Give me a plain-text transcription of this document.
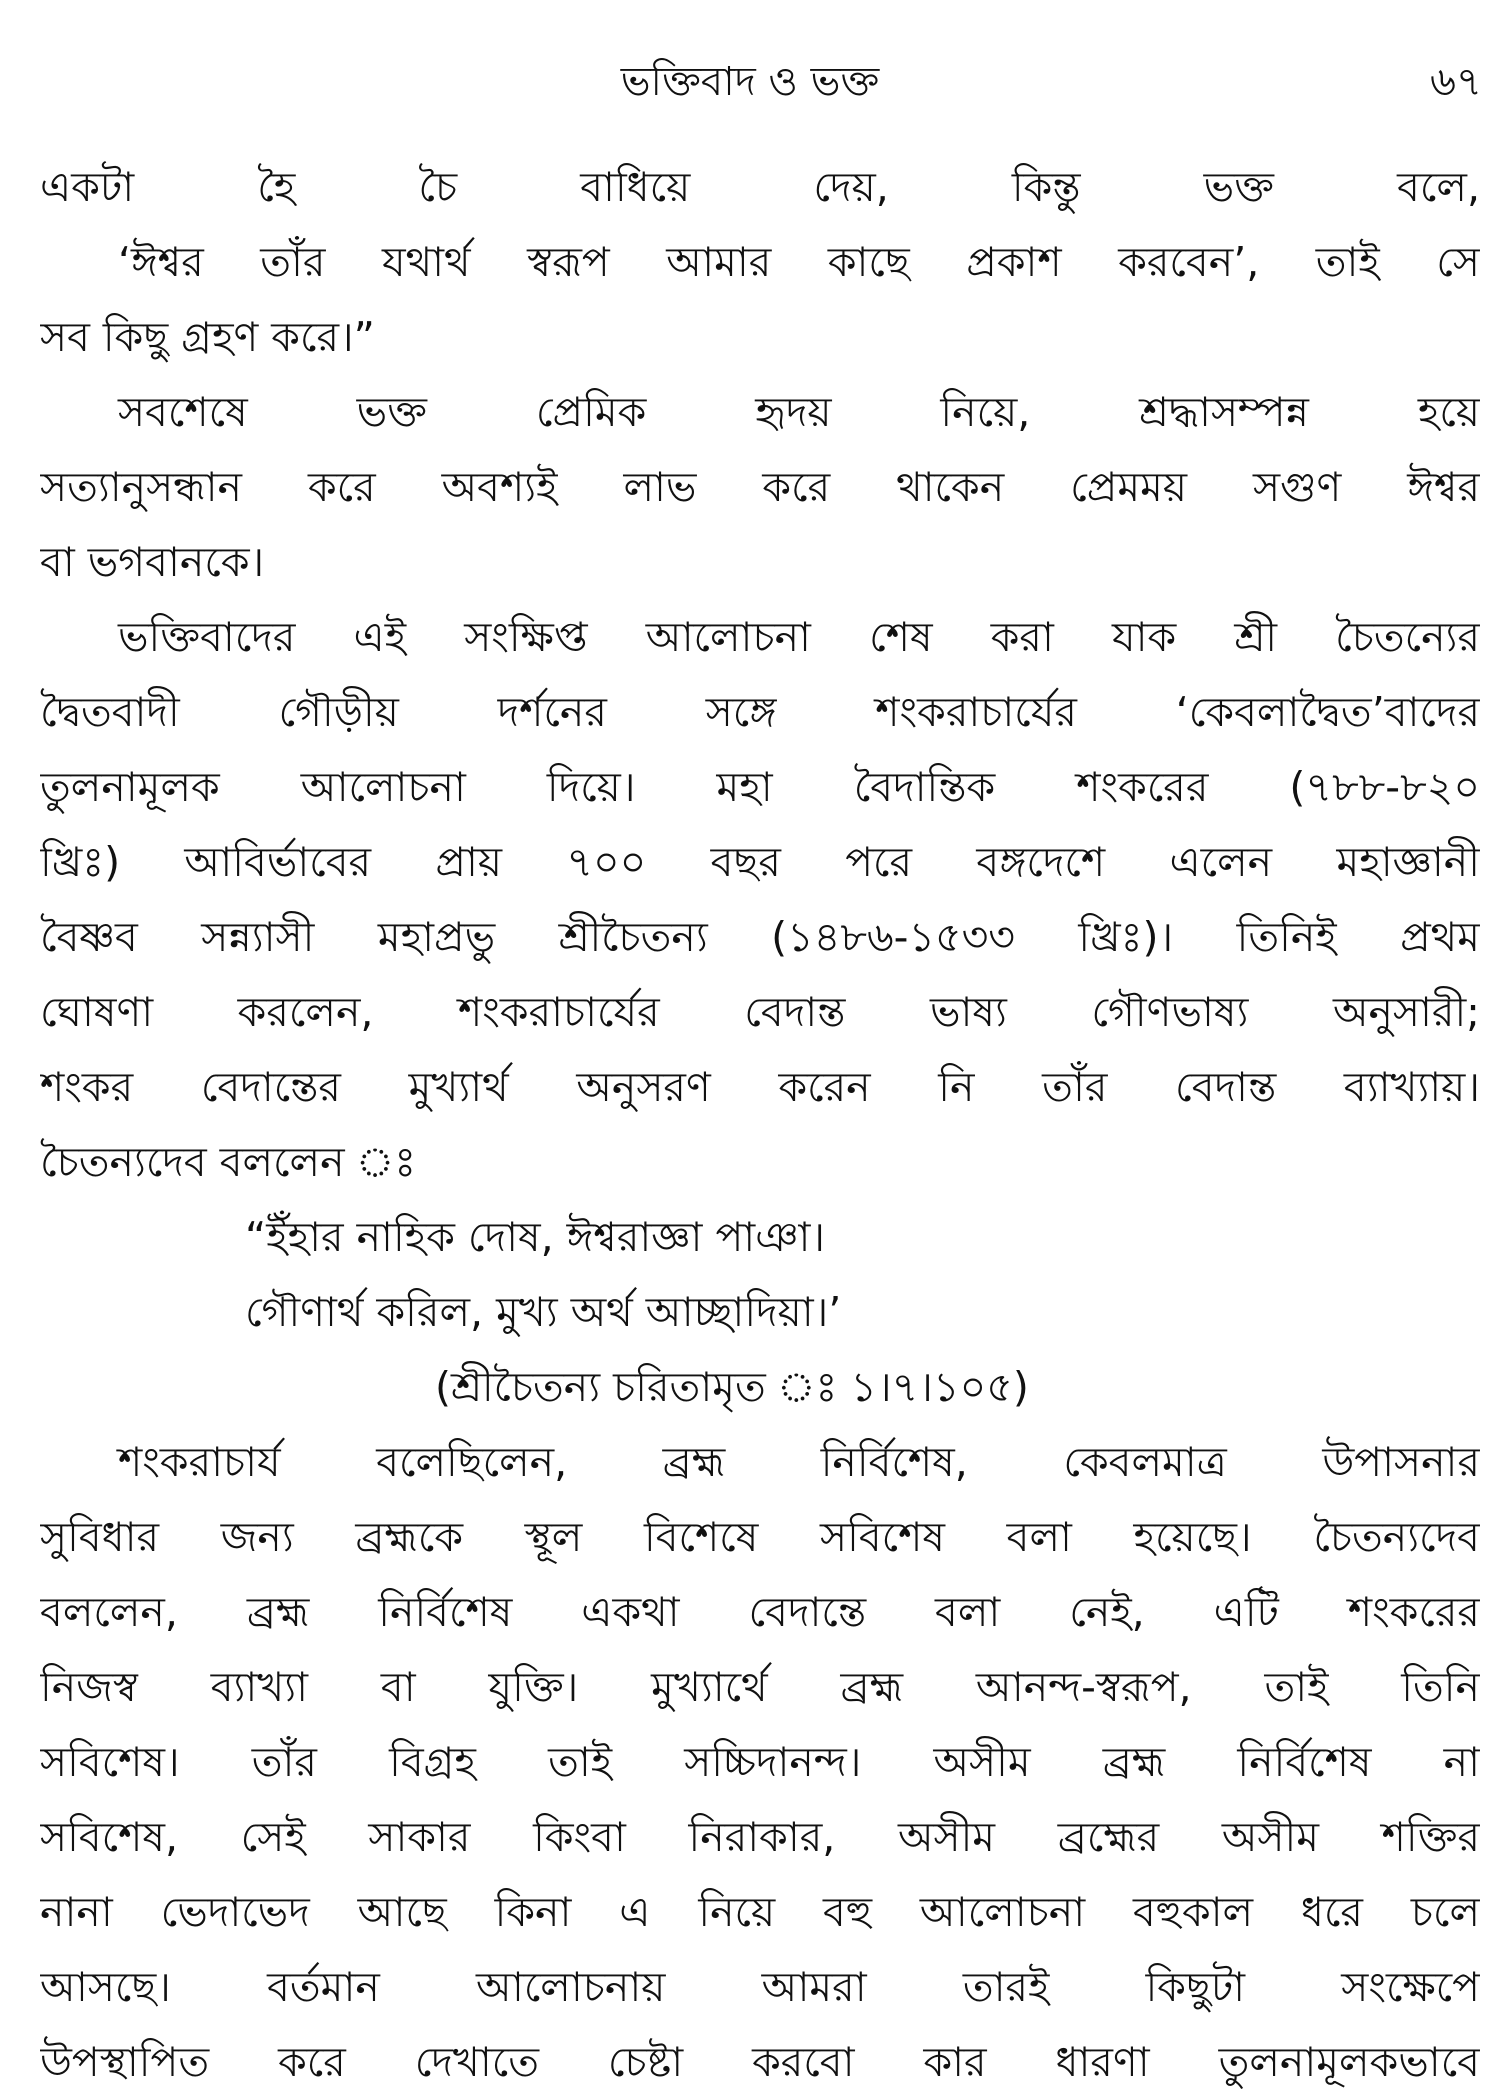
ভক্তিবাদ ও ভক্ত	৬৭
একটা হৈ চৈ বাধিয়ে দেয়, কিন্তু ভক্ত বলে,
‘ঈশ্বর তাঁর যথার্থ স্বরূপ আমার কাছে প্রকাশ করবেন’, তাই সে
সব কিছু গ্রহণ করে।”
সবশেষে ভক্ত প্রেমিক হৃদয় নিয়ে, শ্রদ্ধাসম্পন্ন হয়ে
সত্যানুসন্ধান করে অবশ্যই লাভ করে থাকেন প্রেমময় সগুণ ঈশ্বর
বা ভগবানকে।
ভক্তিবাদের এই সংক্ষিপ্ত আলোচনা শেষ করা যাক শ্রী চৈতন্যের
দ্বৈতবাদী গৌড়ীয় দর্শনের সঙ্গে শংকরাচার্যের ‘কেবলাদ্বৈত’বাদের
তুলনামূলক আলোচনা দিয়ে। মহা বৈদান্তিক শংকরের (৭৮৮-৮২০
খ্রিঃ) আবির্ভাবের প্রায় ৭০০ বছর পরে বঙ্গদেশে এলেন মহাজ্ঞানী
বৈষ্ণব সন্ন্যাসী মহাপ্রভু শ্রীচৈতন্য (১৪৮৬-১৫৩৩ খ্রিঃ)। তিনিই প্রথম
ঘোষণা করলেন, শংকরাচার্যের বেদান্ত ভাষ্য গৌণভাষ্য অনুসারী;
শংকর বেদান্তের মুখ্যার্থ অনুসরণ করেন নি তাঁর বেদান্ত ব্যাখ্যায়।
চৈতন্যদেব বললেন ঃ
“ইঁহার নাহিক দোষ, ঈশ্বরাজ্ঞা পাঞা।
গৌণার্থ করিল, মুখ্য অর্থ আচ্ছাদিয়া।’
(শ্রীচৈতন্য চরিতামৃত ঃ ১।৭।১০৫)
শংকরাচার্য বলেছিলেন, ব্রহ্ম নির্বিশেষ, কেবলমাত্র উপাসনার
সুবিধার জন্য ব্রহ্মকে স্থূল বিশেষে সবিশেষ বলা হয়েছে। চৈতন্যদেব
বললেন, ব্রহ্ম নির্বিশেষ একথা বেদান্তে বলা নেই, এটি শংকরের
নিজস্ব ব্যাখ্যা বা যুক্তি। মুখ্যার্থে ব্রহ্ম আনন্দ-স্বরূপ, তাই তিনি
সবিশেষ। তাঁর বিগ্রহ তাই সচ্চিদানন্দ। অসীম ব্রহ্ম নির্বিশেষ না
সবিশেষ, সেই সাকার কিংবা নিরাকার, অসীম ব্রহ্মের অসীম শক্তির
নানা ভেদাভেদ আছে কিনা এ নিয়ে বহু আলোচনা বহুকাল ধরে চলে
আসছে। বর্তমান আলোচনায় আমরা তারই কিছুটা সংক্ষেপে
উপস্থাপিত করে দেখাতে চেষ্টা করবো কার ধারণা তুলনামূলকভাবে
